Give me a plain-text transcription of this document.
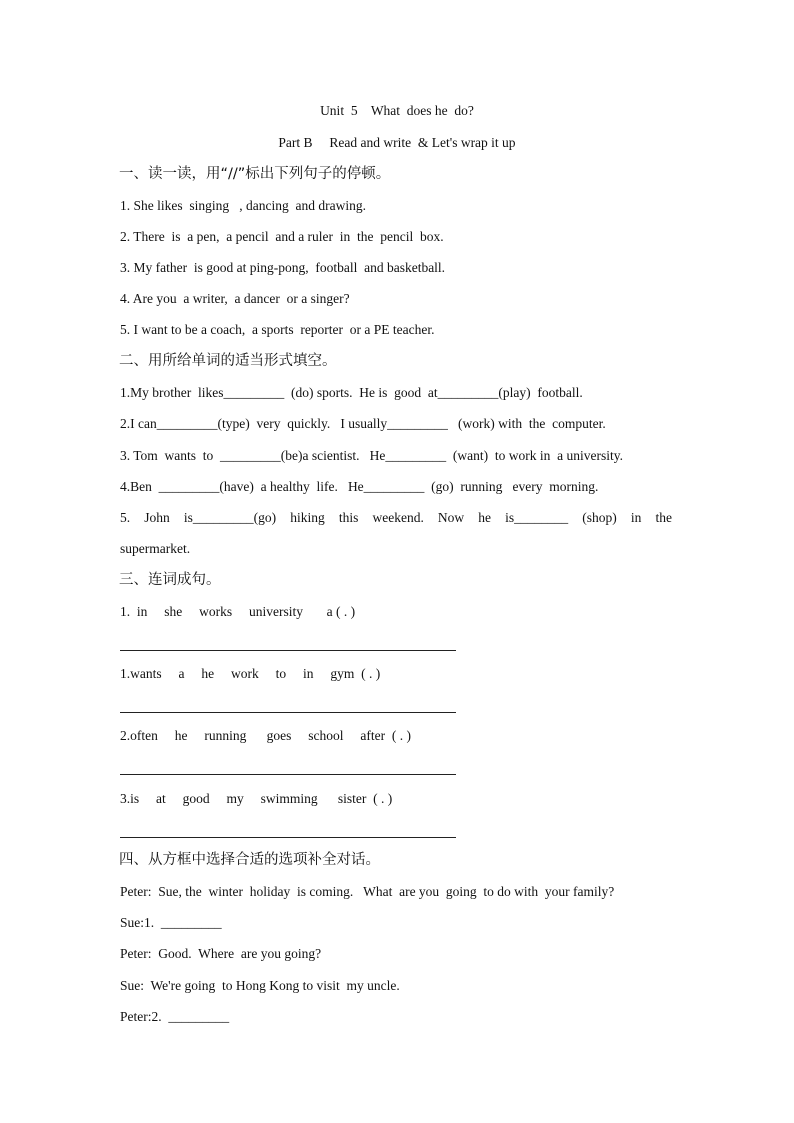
Unit  5    What  does he  do?
Part B     Read and write  & Let's wrap it up
一、读一读，用“//”标出下列句子的停顿。
1. She likes  singing   , dancing  and drawing.
2. There  is  a pen,  a pencil  and a ruler  in  the  pencil  box.
3. My father  is good at ping-pong,  football  and basketball.
4. Are you  a writer,  a dancer  or a singer?
5. I want to be a coach,  a sports  reporter  or a PE teacher.
二、用所给单词的适当形式填空。
1.My brother  likes_________  (do) sports.  He is  good  at_________(play)  football.
2.I can_________(type)  very  quickly.   I usually_________   (work) with  the  computer.
3. Tom  wants  to  _________(be)a scientist.   He_________  (want)  to work in  a university.
4.Ben  _________(have)  a healthy  life.   He_________  (go)  running   every  morning.
5. John is_________(go) hiking this weekend. Now he is________ (shop) in the
supermarket.
三、连词成句。
1.  in     she     works     university       a ( . )
1.wants     a     he     work     to     in     gym  ( . )
2.often     he     running      goes     school     after  ( . )
3.is     at     good     my     swimming      sister  ( . )
四、从方框中选择合适的选项补全对话。
Peter:  Sue, the  winter  holiday  is coming.   What  are you  going  to do with  your family?
Sue:1.  _________
Peter:  Good.  Where  are you going?
Sue:  We're going  to Hong Kong to visit  my uncle.
Peter:2.  _________
